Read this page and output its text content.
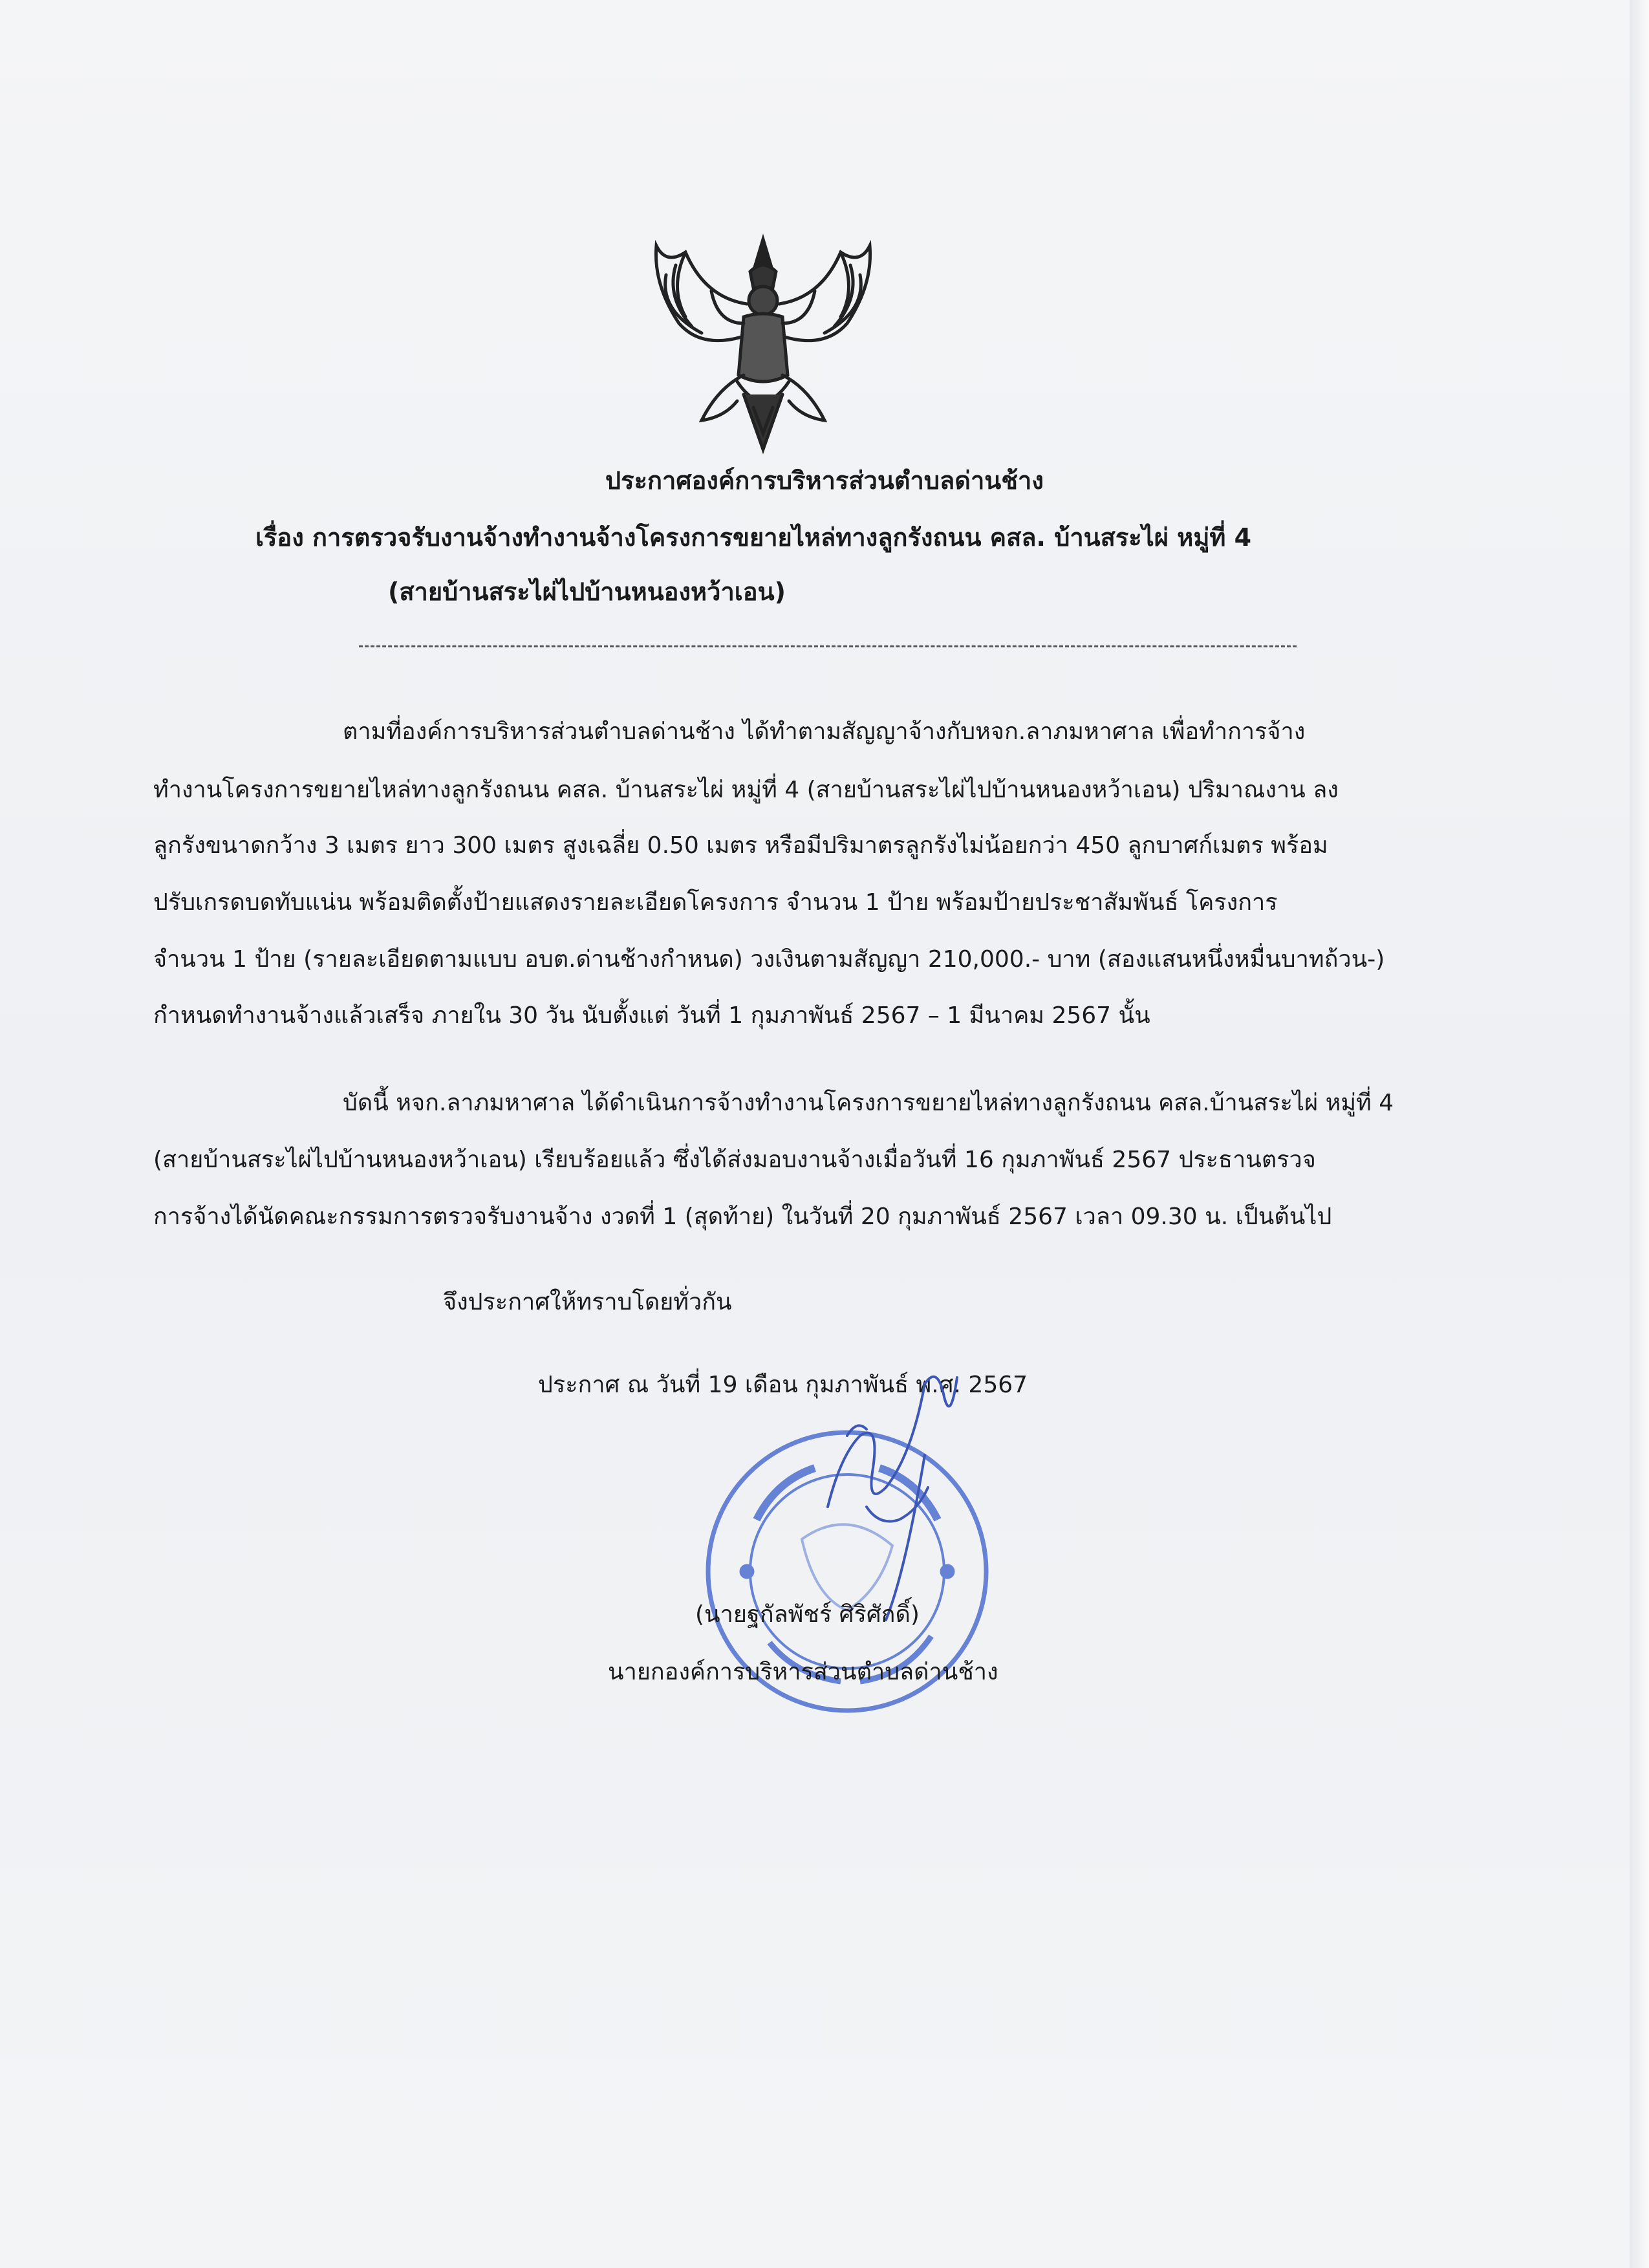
ประกาศองค์การบริหารส่วนตำบลด่านช้าง
เรื่อง การตรวจรับงานจ้างทำงานจ้างโครงการขยายไหล่ทางลูกรังถนน คสล. บ้านสระไผ่ หมู่ที่ 4
(สายบ้านสระไผ่ไปบ้านหนองหว้าเอน)
ตามที่องค์การบริหารส่วนตำบลด่านช้าง ได้ทำตามสัญญาจ้างกับหจก.ลาภมหาศาล เพื่อทำการจ้าง
ทำงานโครงการขยายไหล่ทางลูกรังถนน คสล. บ้านสระไผ่ หมู่ที่ 4 (สายบ้านสระไผ่ไปบ้านหนองหว้าเอน) ปริมาณงาน ลง
ลูกรังขนาดกว้าง 3 เมตร ยาว 300 เมตร สูงเฉลี่ย 0.50 เมตร หรือมีปริมาตรลูกรังไม่น้อยกว่า 450 ลูกบาศก์เมตร พร้อม
ปรับเกรดบดทับแน่น พร้อมติดตั้งป้ายแสดงรายละเอียดโครงการ จำนวน 1 ป้าย พร้อมป้ายประชาสัมพันธ์ โครงการ
จำนวน 1 ป้าย (รายละเอียดตามแบบ อบต.ด่านช้างกำหนด) วงเงินตามสัญญา 210,000.- บาท (สองแสนหนึ่งหมื่นบาทถ้วน-)
กำหนดทำงานจ้างแล้วเสร็จ ภายใน 30 วัน นับตั้งแต่ วันที่ 1 กุมภาพันธ์ 2567 – 1 มีนาคม 2567 นั้น
บัดนี้ หจก.ลาภมหาศาล ได้ดำเนินการจ้างทำงานโครงการขยายไหล่ทางลูกรังถนน คสล.บ้านสระไผ่ หมู่ที่ 4
(สายบ้านสระไผ่ไปบ้านหนองหว้าเอน) เรียบร้อยแล้ว ซึ่งได้ส่งมอบงานจ้างเมื่อวันที่ 16 กุมภาพันธ์ 2567 ประธานตรวจ
การจ้างได้นัดคณะกรรมการตรวจรับงานจ้าง งวดที่ 1 (สุดท้าย) ในวันที่ 20 กุมภาพันธ์ 2567 เวลา 09.30 น. เป็นต้นไป
จึงประกาศให้ทราบโดยทั่วกัน
ประกาศ ณ วันที่ 19 เดือน กุมภาพันธ์ พ.ศ. 2567
(นายฐกัลพัชร์ ศิริศักดิ์)
นายกองค์การบริหารส่วนตำบลด่านช้าง
